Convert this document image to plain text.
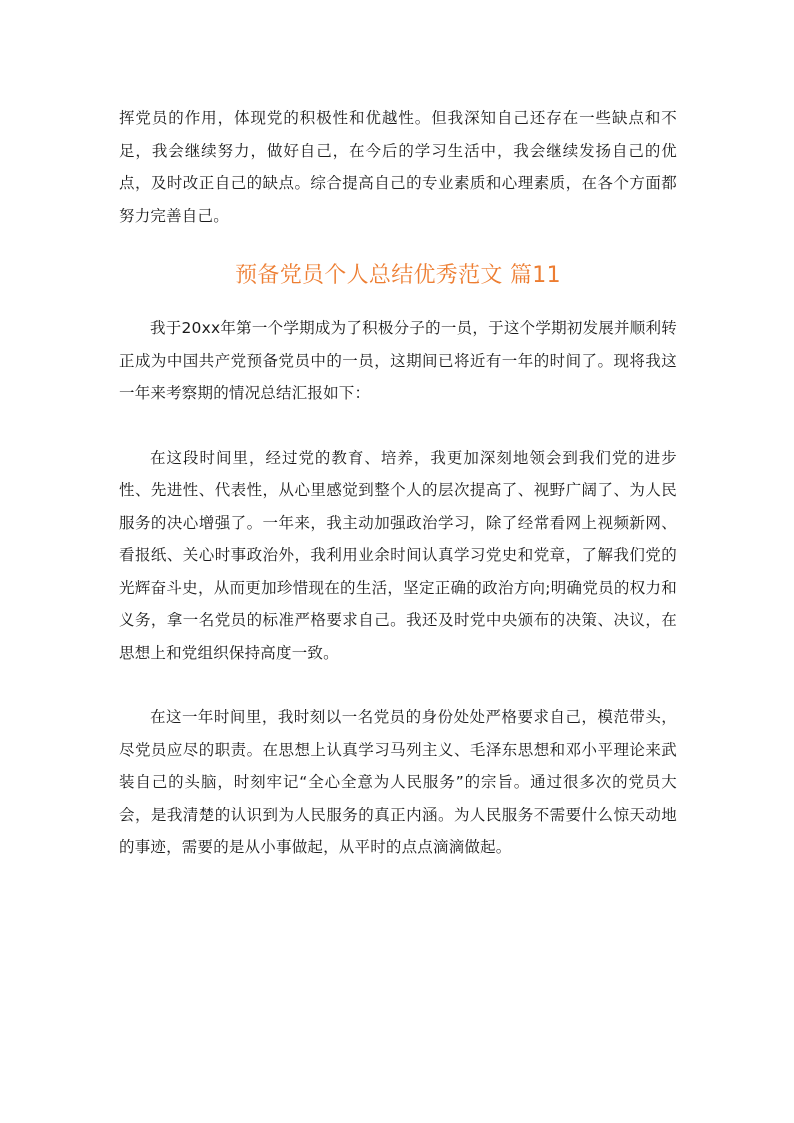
挥党员的作用，体现党的积极性和优越性。但我深知自己还存在一些缺点和不足，我会继续努力，做好自己，在今后的学习生活中，我会继续发扬自己的优点，及时改正自己的缺点。综合提高自己的专业素质和心理素质，在各个方面都努力完善自己。

预备党员个人总结优秀范文 篇11

我于20xx年第一个学期成为了积极分子的一员，于这个学期初发展并顺利转正成为中国共产党预备党员中的一员，这期间已将近有一年的时间了。现将我这一年来考察期的情况总结汇报如下：

在这段时间里，经过党的教育、培养，我更加深刻地领会到我们党的进步性、先进性、代表性，从心里感觉到整个人的层次提高了、视野广阔了、为人民服务的决心增强了。一年来，我主动加强政治学习，除了经常看网上视频新网、看报纸、关心时事政治外，我利用业余时间认真学习党史和党章，了解我们党的光辉奋斗史，从而更加珍惜现在的生活，坚定正确的政治方向;明确党员的权力和义务，拿一名党员的标准严格要求自己。我还及时党中央颁布的决策、决议，在思想上和党组织保持高度一致。

在这一年时间里，我时刻以一名党员的身份处处严格要求自己，模范带头，尽党员应尽的职责。在思想上认真学习马列主义、毛泽东思想和邓小平理论来武装自己的头脑，时刻牢记“全心全意为人民服务”的宗旨。通过很多次的党员大会，是我清楚的认识到为人民服务的真正内涵。为人民服务不需要什么惊天动地的事迹，需要的是从小事做起，从平时的点点滴滴做起。
